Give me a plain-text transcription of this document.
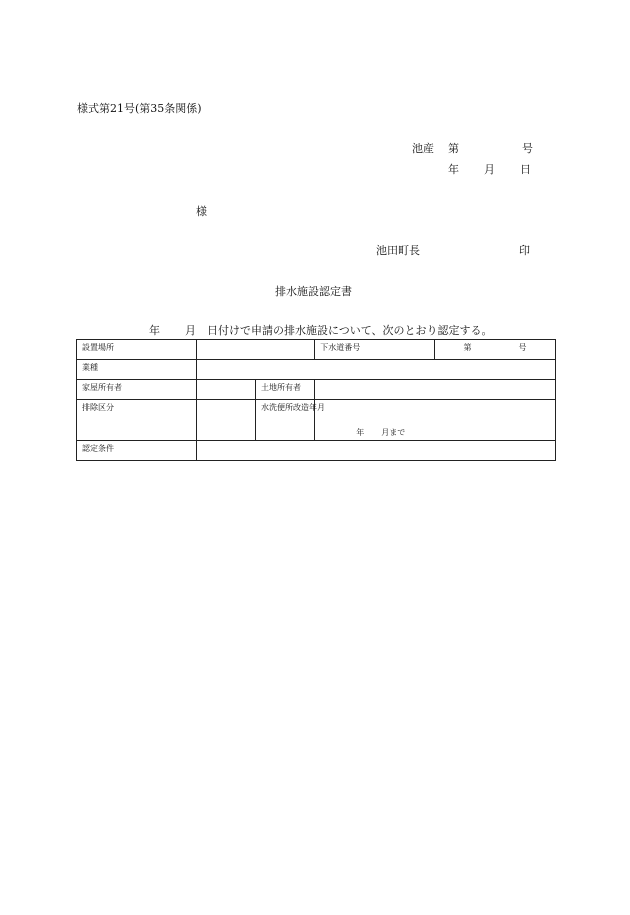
様式第21号(第35条関係)
池産 第	号
年 月 日
様
池田町長	印
排水施設認定書
年 月 日付けで申請の排水施設について、次のとおり認定する。
設置場所			下水道番号	第 号

業種				
家屋所有者		土地所有者		
排除区分		水洗便所改造年月	年 月まで	

認定条件				
